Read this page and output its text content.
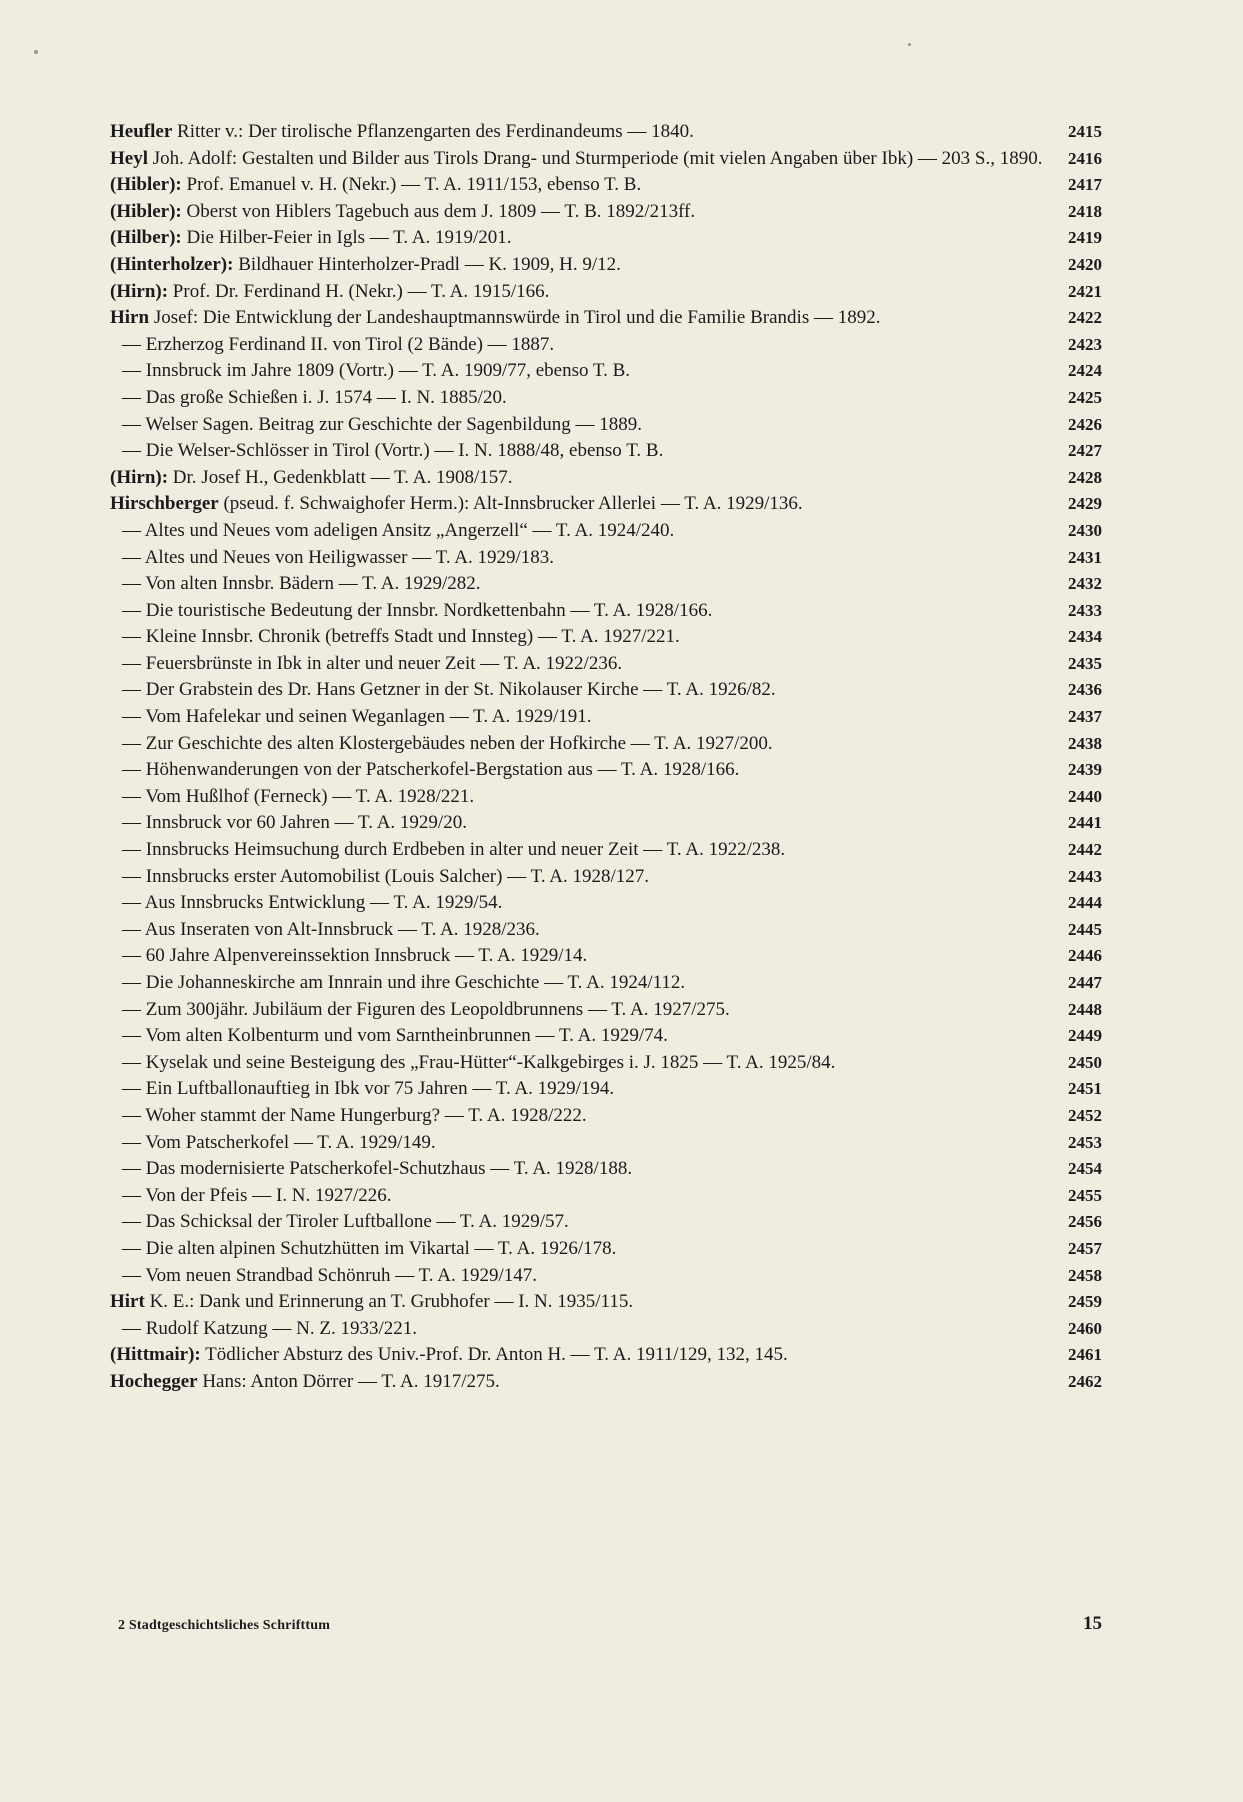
Heufler Ritter v.: Der tirolische Pflanzengarten des Ferdinandeums — 1840.	2415
Heyl Joh. Adolf: Gestalten und Bilder aus Tirols Drang- und Sturmperiode (mit vielen Angaben über Ibk) — 203 S., 1890.	2416
(Hibler): Prof. Emanuel v. H. (Nekr.) — T. A. 1911/153, ebenso T. B.	2417
(Hibler): Oberst von Hiblers Tagebuch aus dem J. 1809 — T. B. 1892/213ff.	2418
(Hilber): Die Hilber-Feier in Igls — T. A. 1919/201.	2419
(Hinterholzer): Bildhauer Hinterholzer-Pradl — K. 1909, H. 9/12.	2420
(Hirn): Prof. Dr. Ferdinand H. (Nekr.) — T. A. 1915/166.	2421
Hirn Josef: Die Entwicklung der Landeshauptmannswürde in Tirol und die Familie Brandis — 1892.	2422
— Erzherzog Ferdinand II. von Tirol (2 Bände) — 1887.	2423
— Innsbruck im Jahre 1809 (Vortr.) — T. A. 1909/77, ebenso T. B.	2424
— Das große Schießen i. J. 1574 — I. N. 1885/20.	2425
— Welser Sagen. Beitrag zur Geschichte der Sagenbildung — 1889.	2426
— Die Welser-Schlösser in Tirol (Vortr.) — I. N. 1888/48, ebenso T. B.	2427
(Hirn): Dr. Josef H., Gedenkblatt — T. A. 1908/157.	2428
Hirschberger (pseud. f. Schwaighofer Herm.): Alt-Innsbrucker Allerlei — T. A. 1929/136.	2429
— Altes und Neues vom adeligen Ansitz „Angerzell“ — T. A. 1924/240.	2430
— Altes und Neues von Heiligwasser — T. A. 1929/183.	2431
— Von alten Innsbr. Bädern — T. A. 1929/282.	2432
— Die touristische Bedeutung der Innsbr. Nordkettenbahn — T. A. 1928/166.	2433
— Kleine Innsbr. Chronik (betreffs Stadt und Innsteg) — T. A. 1927/221.	2434
— Feuersbrünste in Ibk in alter und neuer Zeit — T. A. 1922/236.	2435
— Der Grabstein des Dr. Hans Getzner in der St. Nikolauser Kirche — T. A. 1926/82.	2436
— Vom Hafelekar und seinen Weganlagen — T. A. 1929/191.	2437
— Zur Geschichte des alten Klostergebäudes neben der Hofkirche — T. A. 1927/200.	2438
— Höhenwanderungen von der Patscherkofel-Bergstation aus — T. A. 1928/166.	2439
— Vom Hußlhof (Ferneck) — T. A. 1928/221.	2440
— Innsbruck vor 60 Jahren — T. A. 1929/20.	2441
— Innsbrucks Heimsuchung durch Erdbeben in alter und neuer Zeit — T. A. 1922/238.	2442
— Innsbrucks erster Automobilist (Louis Salcher) — T. A. 1928/127.	2443
— Aus Innsbrucks Entwicklung — T. A. 1929/54.	2444
— Aus Inseraten von Alt-Innsbruck — T. A. 1928/236.	2445
— 60 Jahre Alpenvereinssektion Innsbruck — T. A. 1929/14.	2446
— Die Johanneskirche am Innrain und ihre Geschichte — T. A. 1924/112.	2447
— Zum 300jähr. Jubiläum der Figuren des Leopoldbrunnens — T. A. 1927/275.	2448
— Vom alten Kolbenturm und vom Sarntheinbrunnen — T. A. 1929/74.	2449
— Kyselak und seine Besteigung des „Frau-Hütter“-Kalkgebirges i. J. 1825 — T. A. 1925/84.	2450
— Ein Luftballonauftieg in Ibk vor 75 Jahren — T. A. 1929/194.	2451
— Woher stammt der Name Hungerburg? — T. A. 1928/222.	2452
— Vom Patscherkofel — T. A. 1929/149.	2453
— Das modernisierte Patscherkofel-Schutzhaus — T. A. 1928/188.	2454
— Von der Pfeis — I. N. 1927/226.	2455
— Das Schicksal der Tiroler Luftballone — T. A. 1929/57.	2456
— Die alten alpinen Schutzhütten im Vikartal — T. A. 1926/178.	2457
— Vom neuen Strandbad Schönruh — T. A. 1929/147.	2458
Hirt K. E.: Dank und Erinnerung an T. Grubhofer — I. N. 1935/115.	2459
— Rudolf Katzung — N. Z. 1933/221.	2460
(Hittmair): Tödlicher Absturz des Univ.-Prof. Dr. Anton H. — T. A. 1911/129, 132, 145.	2461
Hochegger Hans: Anton Dörrer — T. A. 1917/275.	2462
2 Stadtgeschichtsliches Schrifttum	15
